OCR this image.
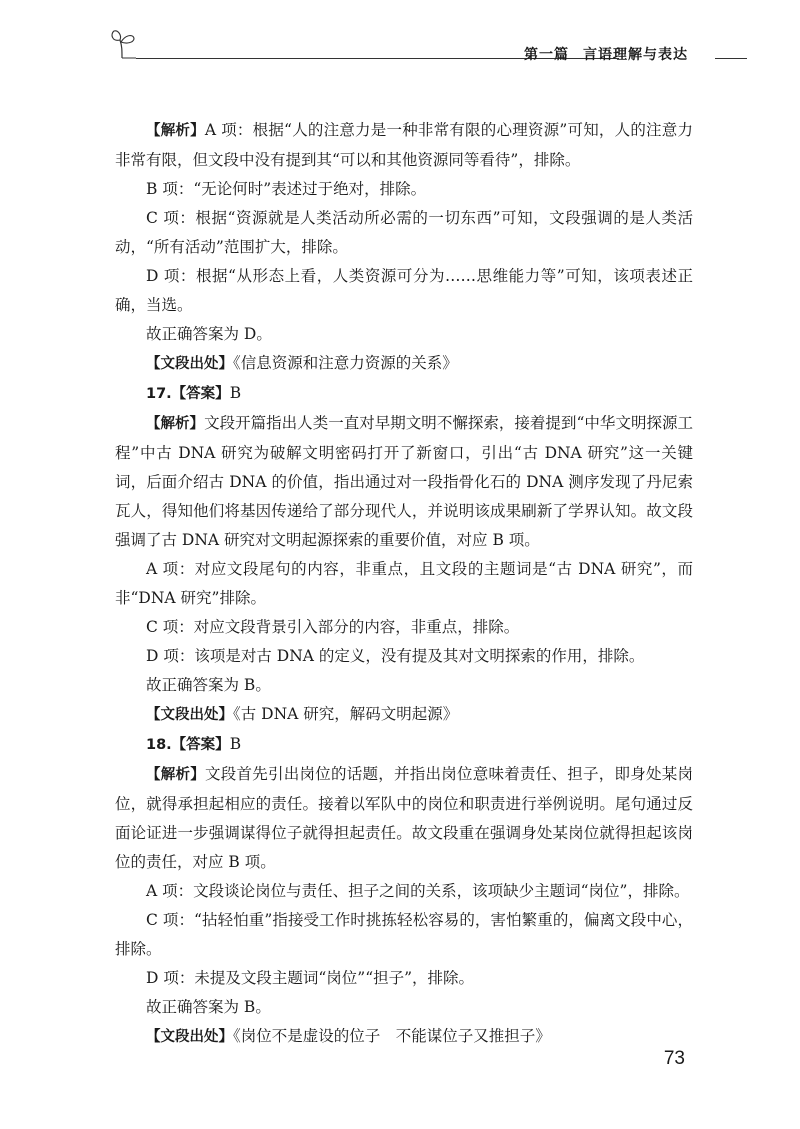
第一篇 言语理解与表达

【解析】A 项：根据“人的注意力是一种非常有限的心理资源”可知，人的注意力非常有限，但文段中没有提到其“可以和其他资源同等看待”，排除。

B 项：“无论何时”表述过于绝对，排除。

C 项：根据“资源就是人类活动所必需的一切东西”可知，文段强调的是人类活动，“所有活动”范围扩大，排除。

D 项：根据“从形态上看，人类资源可分为……思维能力等”可知，该项表述正确，当选。

故正确答案为 D。

【文段出处】《信息资源和注意力资源的关系》

17.【答案】B

【解析】文段开篇指出人类一直对早期文明不懈探索，接着提到“中华文明探源工程”中古 DNA 研究为破解文明密码打开了新窗口，引出“古 DNA 研究”这一关键词，后面介绍古 DNA 的价值，指出通过对一段指骨化石的 DNA 测序发现了丹尼索瓦人，得知他们将基因传递给了部分现代人，并说明该成果刷新了学界认知。故文段强调了古 DNA 研究对文明起源探索的重要价值，对应 B 项。

A 项：对应文段尾句的内容，非重点，且文段的主题词是“古 DNA 研究”，而非“DNA 研究”排除。

C 项：对应文段背景引入部分的内容，非重点，排除。

D 项：该项是对古 DNA 的定义，没有提及其对文明探索的作用，排除。

故正确答案为 B。

【文段出处】《古 DNA 研究，解码文明起源》

18.【答案】B

【解析】文段首先引出岗位的话题，并指出岗位意味着责任、担子，即身处某岗位，就得承担起相应的责任。接着以军队中的岗位和职责进行举例说明。尾句通过反面论证进一步强调谋得位子就得担起责任。故文段重在强调身处某岗位就得担起该岗位的责任，对应 B 项。

A 项：文段谈论岗位与责任、担子之间的关系，该项缺少主题词“岗位”，排除。

C 项：“拈轻怕重”指接受工作时挑拣轻松容易的，害怕繁重的，偏离文段中心，排除。

D 项：未提及文段主题词“岗位”“担子”，排除。

故正确答案为 B。

【文段出处】《岗位不是虚设的位子　不能谋位子又推担子》

73
